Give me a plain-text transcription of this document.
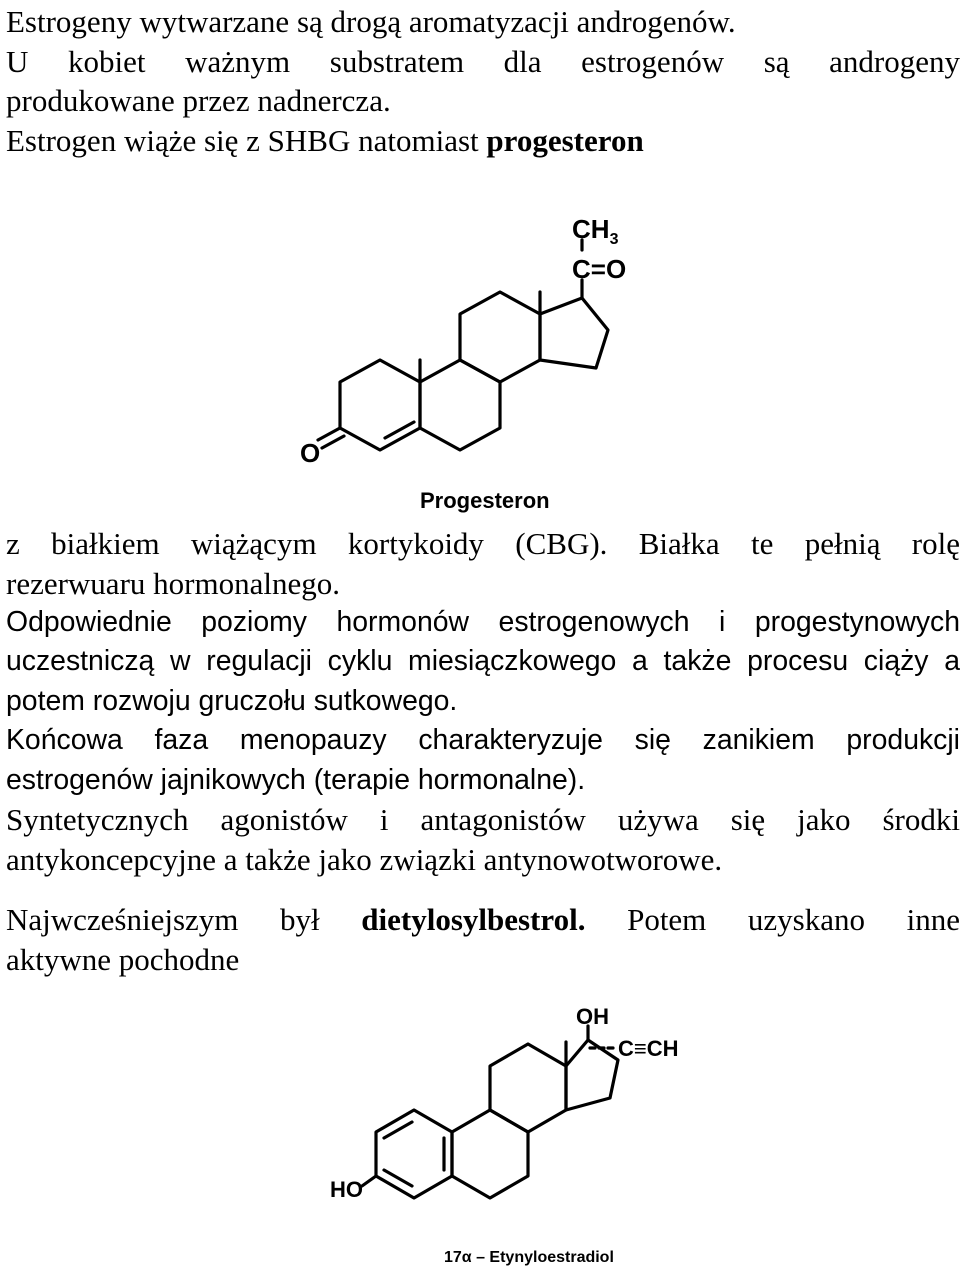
Estrogeny wytwarzane są drogą aromatyzacji androgenów.
U kobiet ważnym substratem dla estrogenów są androgeny
produkowane przez nadnercza.
Estrogen wiąże się z SHBG natomiast progesteron
O
C=O
$CH_3$
Progesteron
z białkiem wiążącym kortykoidy (CBG). Białka te pełnią rolę
rezerwuaru hormonalnego.
Odpowiednie poziomy hormonów estrogenowych i progestynowych uczestniczą w regulacji cyklu miesiączkowego a także procesu ciąży a potem rozwoju gruczołu sutkowego.
Końcowa faza menopauzy charakteryzuje się zanikiem produkcji estrogenów jajnikowych (terapie hormonalne).
Syntetycznych agonistów i antagonistów używa się jako środki antykoncepcyjne a także jako związki antynowotworowe.
Najwcześniejszym był dietylosylbestrol. Potem uzyskano inne
aktywne pochodne
OH
C≡CH
HO
17α – Etynyloestradiol
